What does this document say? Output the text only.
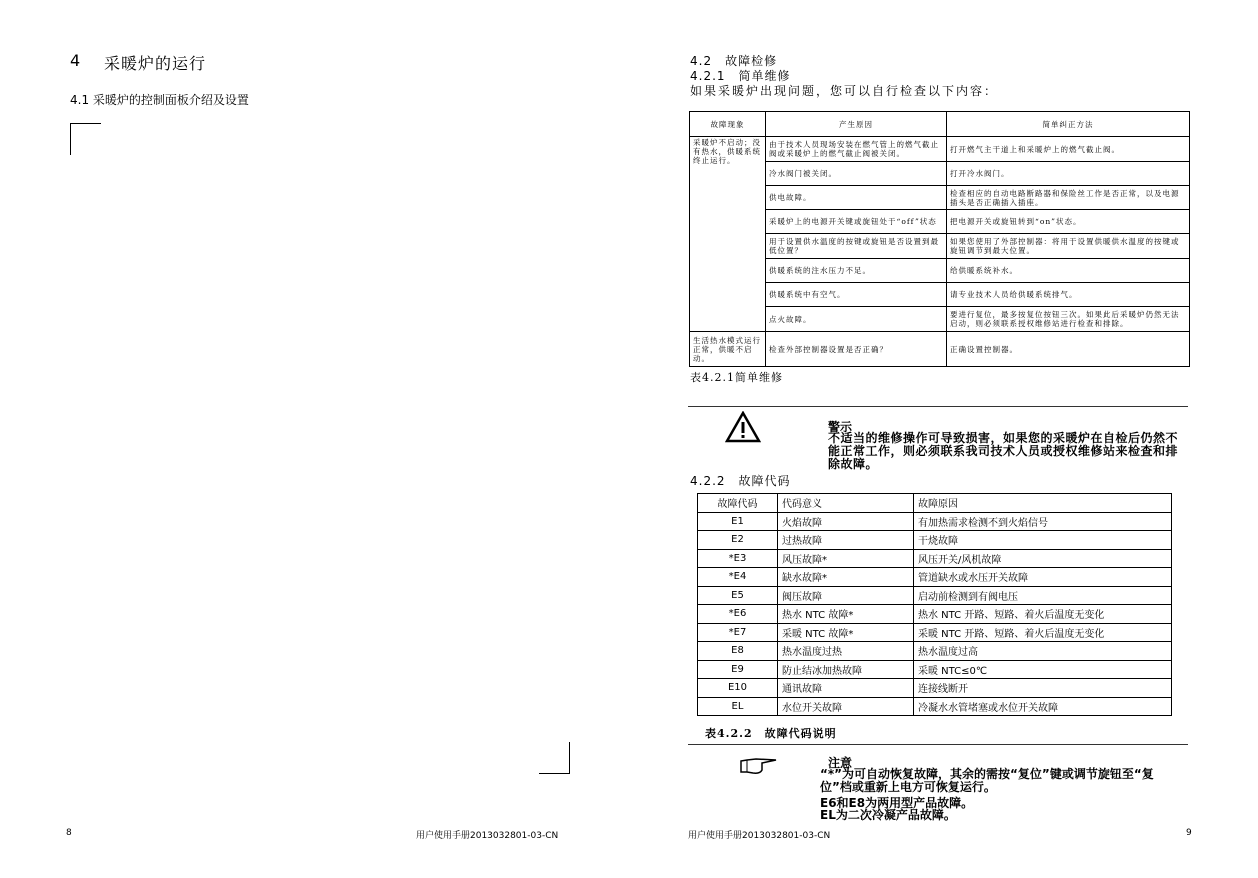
4 采暖炉的运行
4.1 采暖炉的控制面板介绍及设置
8	用户使用手册2013032801-03-CN
4.2　故障检修
4.2.1　简单维修
如果采暖炉出现问题，您可以自行检查以下内容：
故障现象	产生原因	简单纠正方法
采暖炉不启动；没有热水，供暖系统终止运行。	由于技术人员现场安装在燃气管上的燃气截止阀或采暖炉上的燃气截止阀被关闭。	打开燃气主干道上和采暖炉上的燃气截止阀。
	冷水阀门被关闭。	打开冷水阀门。
	供电故障。	检查相应的自动电路断路器和保险丝工作是否正常，以及电源插头是否正确插入插座。
	采暖炉上的电源开关键或旋钮处于“off”状态	把电源开关或旋钮转到“on”状态。
	用于设置供水温度的按键或旋钮是否设置到最低位置？	如果您使用了外部控制器：将用于设置供暖供水温度的按键或旋钮调节到最大位置。
	供暖系统的注水压力不足。	给供暖系统补水。
	供暖系统中有空气。	请专业技术人员给供暖系统排气。
	点火故障。	要进行复位，最多按复位按钮三次。如果此后采暖炉仍然无法启动，则必须联系授权维修站进行检查和排除。
生活热水模式运行正常，供暖不启动。	检查外部控制器设置是否正确？	正确设置控制器。
表4.2.1简单维修
警示
不适当的维修操作可导致损害，如果您的采暖炉在自检后仍然不能正常工作，则必须联系我司技术人员或授权维修站来检查和排除故障。
4.2.2　故障代码
故障代码	代码意义	故障原因
E1	火焰故障	有加热需求检测不到火焰信号
E2	过热故障	干烧故障
*E3	风压故障*	风压开关/风机故障
*E4	缺水故障*	管道缺水或水压开关故障
E5	阀压故障	启动前检测到有阀电压
*E6	热水 NTC 故障*	热水 NTC 开路、短路、着火后温度无变化
*E7	采暖 NTC 故障*	采暖 NTC 开路、短路、着火后温度无变化
E8	热水温度过热	热水温度过高
E9	防止结冰加热故障	采暖 NTC≤0℃
E10	通讯故障	连接线断开
EL	水位开关故障	冷凝水水管堵塞或水位开关故障
表4.2.2　故障代码说明
注意
“*”为可自动恢复故障，其余的需按“复位”键或调节旋钮至“复位”档或重新上电方可恢复运行。
E6和E8为两用型产品故障。
EL为二次冷凝产品故障。
用户使用手册2013032801-03-CN	9
